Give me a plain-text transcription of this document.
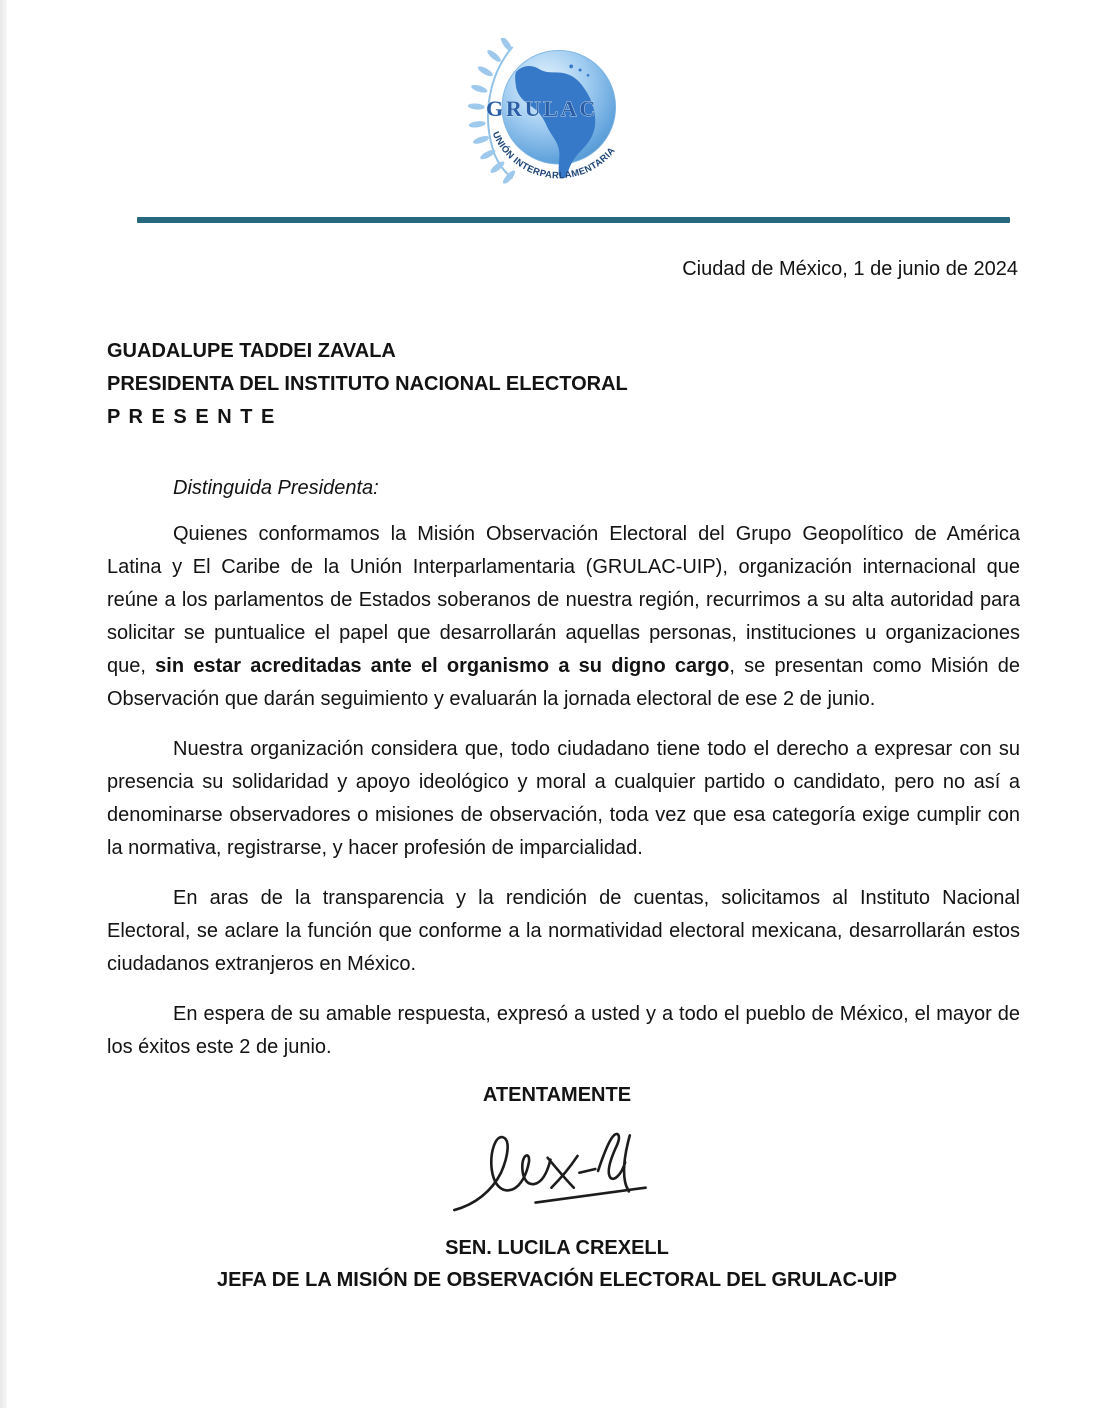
GRULAC
UNIÓN INTERPARLAMENTARIA

Ciudad de México, 1 de junio de 2024

GUADALUPE TADDEI ZAVALA
PRESIDENTA DEL INSTITUTO NACIONAL ELECTORAL
P R E S E N T E

Distinguida Presidenta:

Quienes conformamos la Misión Observación Electoral del Grupo Geopolítico de América Latina y El Caribe de la Unión Interparlamentaria (GRULAC-UIP), organización internacional que reúne a los parlamentos de Estados soberanos de nuestra región, recurrimos a su alta autoridad para solicitar se puntualice el papel que desarrollarán aquellas personas, instituciones u organizaciones que, sin estar acreditadas ante el organismo a su digno cargo, se presentan como Misión de Observación que darán seguimiento y evaluarán la jornada electoral de ese 2 de junio.

Nuestra organización considera que, todo ciudadano tiene todo el derecho a expresar con su presencia su solidaridad y apoyo ideológico y moral a cualquier partido o candidato, pero no así a denominarse observadores o misiones de observación, toda vez que esa categoría exige cumplir con la normativa, registrarse, y hacer profesión de imparcialidad.

En aras de la transparencia y la rendición de cuentas, solicitamos al Instituto Nacional Electoral, se aclare la función que conforme a la normatividad electoral mexicana, desarrollarán estos ciudadanos extranjeros en México.

En espera de su amable respuesta, expresó a usted y a todo el pueblo de México, el mayor de los éxitos este 2 de junio.

ATENTAMENTE

SEN. LUCILA CREXELL
JEFA DE LA MISIÓN DE OBSERVACIÓN ELECTORAL DEL GRULAC-UIP
